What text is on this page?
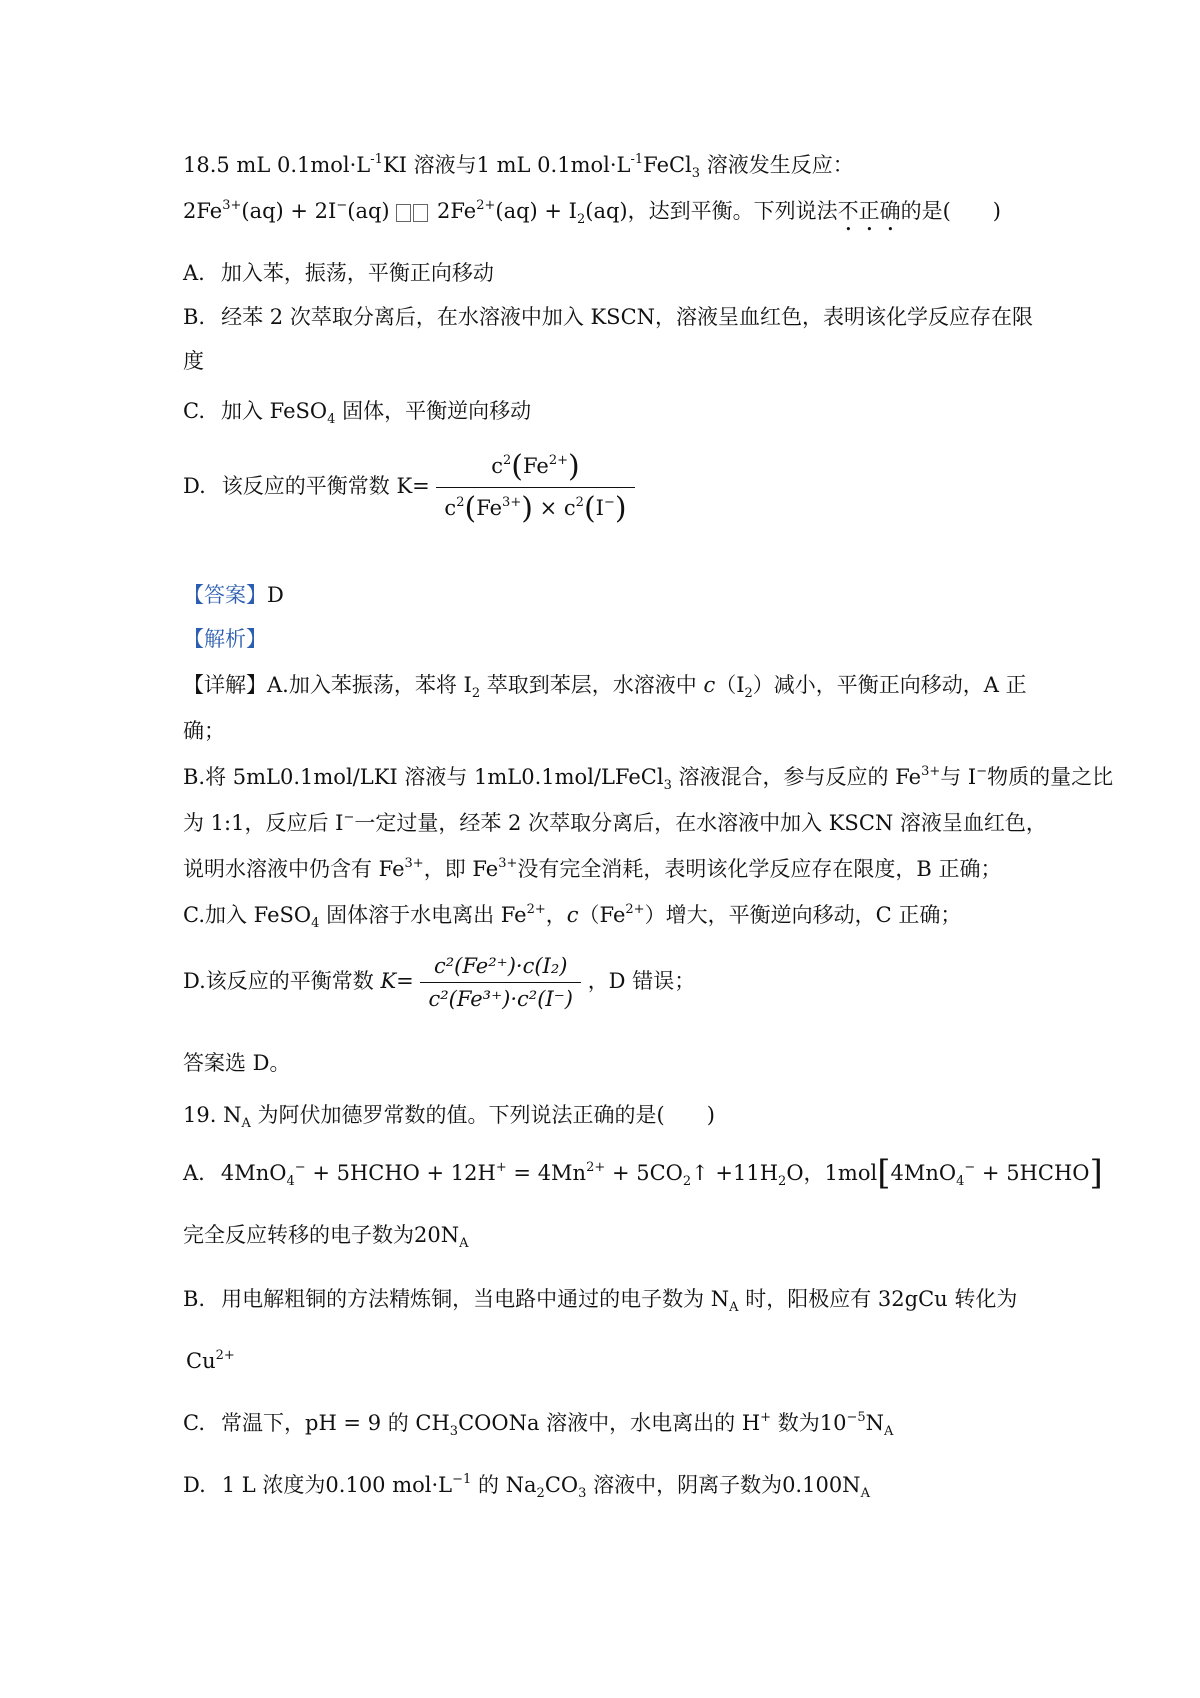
18.5 mL $0.1mol\cdot L^{-1}KI$ 溶液与1 mL $0.1mol\cdot L^{-1}FeCl_3$ 溶液发生反应：
$2Fe^{3+}(aq) + 2I^-(aq)$
$2Fe^{2+}(aq) + I_2(aq)$，达到平衡。下列说法不正确的是(　　)
A. 加入苯，振荡，平衡正向移动
B. 经苯 2 次萃取分离后，在水溶液中加入 KSCN，溶液呈血红色，表明该化学反应存在限
度
C. 加入 FeSO$_4$ 固体，平衡逆向移动
D. 该反应的平衡常数 $K= \frac{c^2(Fe^{2+})}{c^2(Fe^{3+}) \times c^2(I^-)}$
【答案】D
【解析】
【详解】A.加入苯振荡，苯将 $I_2$ 萃取到苯层，水溶液中 $c(I_2)$减小，平衡正向移动，A 正
确；
B.将 5mL0.1mol/LKI 溶液与 1mL0.1mol/LFeCl$_3$ 溶液混合，参与反应的 $Fe^{3+}$与 I−物质的量之比
为 1:1，反应后 I−一定过量，经苯 2 次萃取分离后，在水溶液中加入 KSCN 溶液呈血红色，
说明水溶液中仍含有 $Fe^{3+}$，即 $Fe^{3+}$没有完全消耗，表明该化学反应存在限度，B 正确；
C.加入 FeSO$_4$ 固体溶于水电离出 $Fe^{2+}$，$c(Fe^{2+})$增大，平衡逆向移动，C 正确；
D.该反应的平衡常数 $K= \frac{\text{c²(Fe²⁺)·c(I₂)}}{\text{c²(Fe³⁺)·c²(I⁻)}}$ ，D 错误；
答案选 D。
19. $N_A$ 为阿伏加德罗常数的值。下列说法正确的是(　　)
A. 4MnO$_4$− + 5HCHO + $12H^+ = 4Mn^{2+}$ + $5CO_2↑ +11H_2O$，1mol[4MnO$_4$− + 5HCHO]
完全反应转移的电子数为$20N_A$
B. 用电解粗铜的方法精炼铜，当电路中通过的电子数为 $N_A$ 时，阳极应有 32gCu 转化为
$Cu^{2+}$
C. 常温下，pH = 9 的 $CH_3COONa$ 溶液中，水电离出的 H+ 数为$10^{-5}N_A$
D. 1 L 浓度为0.100 $mol\cdot L^{-1}$ 的 $Na_2CO_3$ 溶液中，阴离子数为$0.100N_A$
